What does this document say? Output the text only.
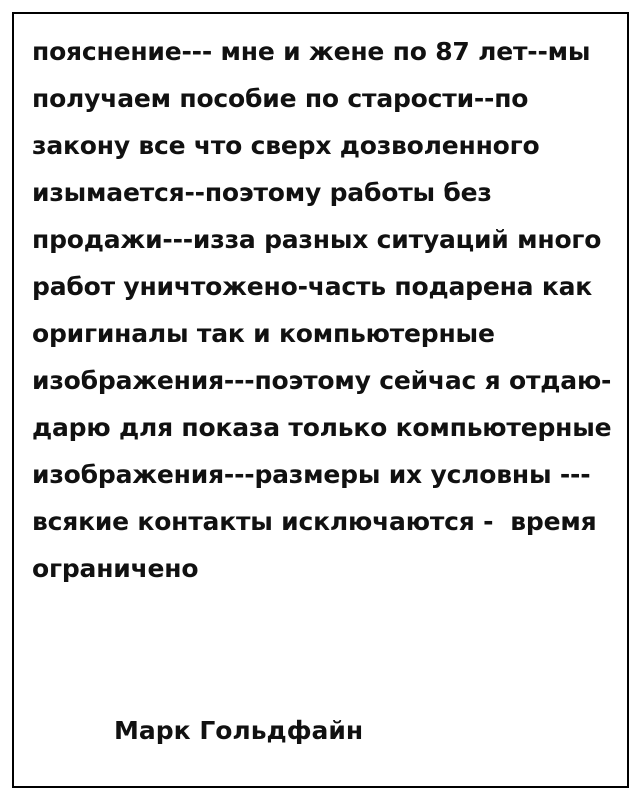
пояснение--- мне и жене по 87 лет--мы
получаем пособие по старости--по
закону все что сверх дозволенного
изымается--поэтому работы без
продажи---изза разных ситуаций много
работ уничтожено-часть подарена как
оригиналы так и компьютерные
изображения---поэтому сейчас я отдаю-
дарю для показа только компьютерные
изображения---размеры их условны ---
всякие контакты исключаются -  время
ограничено
Марк Гольдфайн
